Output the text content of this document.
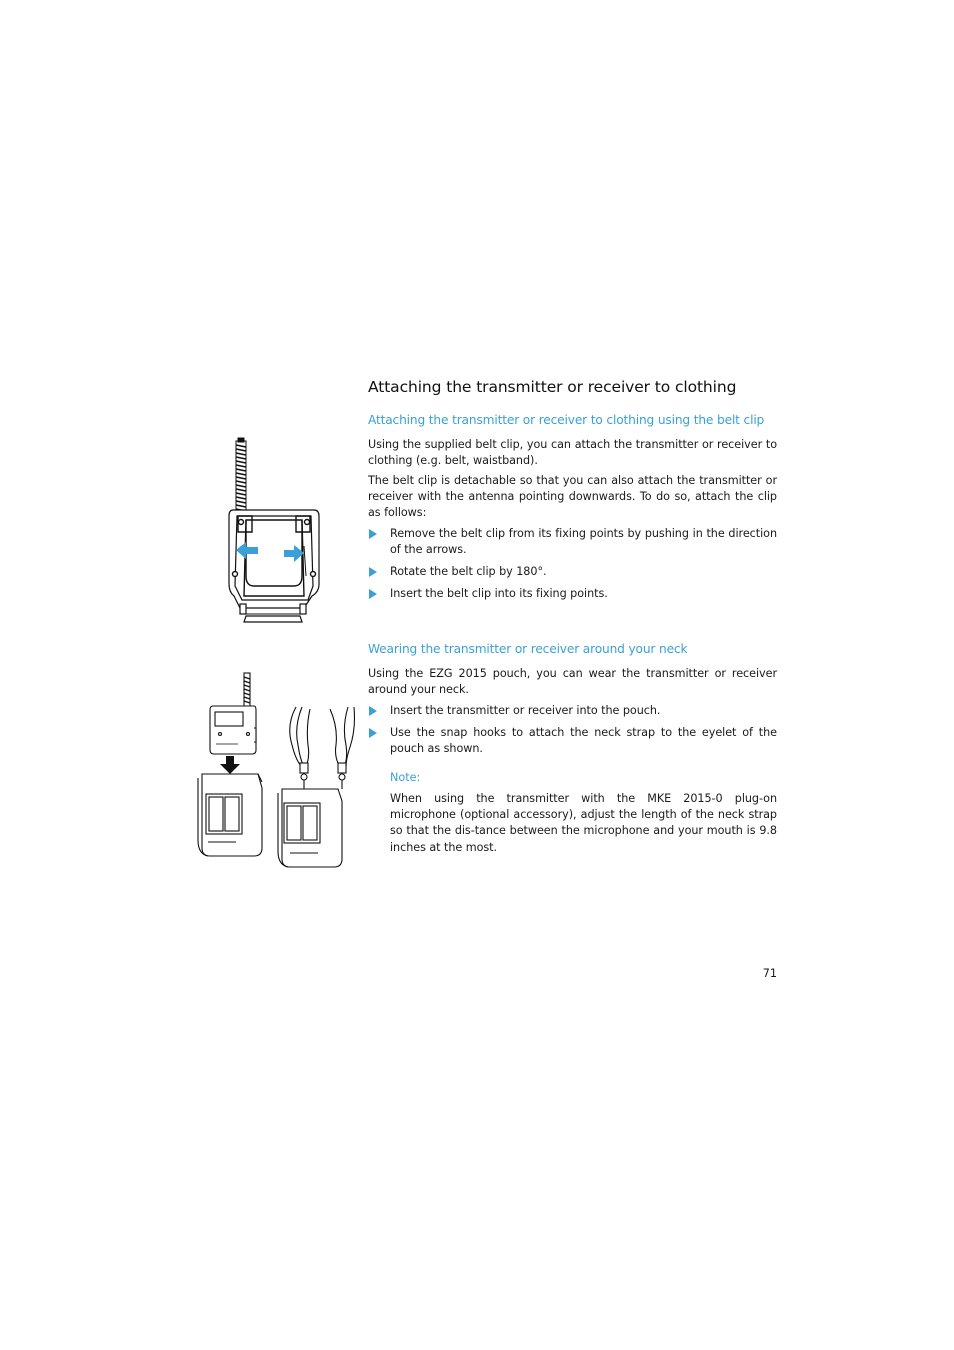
Attaching the transmitter or receiver to clothing
Attaching the transmitter or receiver to clothing using the belt clip

Using the supplied belt clip, you can attach the transmitter or receiver to clothing (e.g. belt, waistband).

The belt clip is detachable so that you can also attach the transmitter or receiver with the antenna pointing downwards. To do so, attach the clip as follows:

Remove the belt clip from its fixing points by pushing in the direction of the arrows.
Rotate the belt clip by 180°.
Insert the belt clip into its fixing points.
Wearing the transmitter or receiver around your neck

Using the EZG 2015 pouch, you can wear the transmitter or receiver around your neck.

Insert the transmitter or receiver into the pouch.
Use the snap hooks to attach the neck strap to the eyelet of the pouch as shown.
Note:

When using the transmitter with the MKE 2015-0 plug-on microphone (optional accessory), adjust the length of the neck strap so that the dis-tance between the microphone and your mouth is 9.8 inches at the most.

71
